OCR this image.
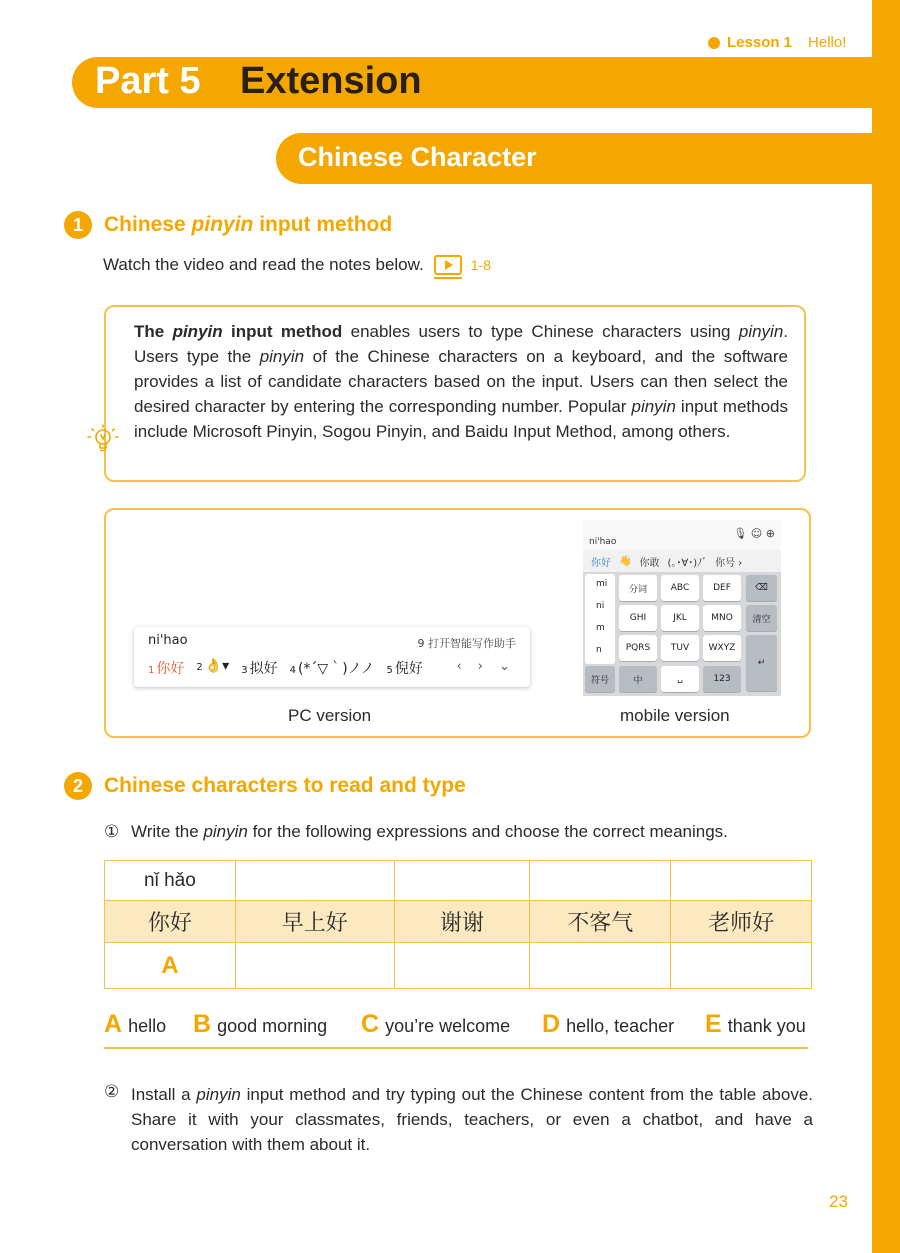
Lesson 1 Hello!
Part 5 Extension
Chinese Character
1	Chinese pinyin input method
Watch the video and read the notes below.	1-8

The pinyin input method enables users to type Chinese characters using pinyin. Users type the pinyin of the Chinese characters on a keyboard, and the software provides a list of candidate characters based on the input. Users can then select the desired character by entering the corresponding number. Popular pinyin input methods include Microsoft Pinyin, Sogou Pinyin, and Baidu Input Method, among others.

ni'hao	9 打开智能写作助手
1 你好 2 👌▾ 3 拟好 4 (*´▽｀)ノノ 5 倪好	‹ › ⌄
ni'hao
🎙 ☺ ⊕
你好 👋 你敢 (｡･∀･)ﾉﾞ 你号 ›
mi
ni
m
n
分词	ABC	DEF	⌫
GHI	JKL	MNO	清空
PQRS	TUV	WXYZ
↵
符号	中	␣	123
PC version	mobile version
2	Chinese characters to read and type
① Write the pinyin for the following expressions and choose the correct meanings.
nǐ hǎo				
你好	早上好	谢谢	不客气	老师好
A				
A hello B good morning C you’re welcome D hello, teacher E thank you
② Install a pinyin input method and try typing out the Chinese content from the table above. Share it with your classmates, friends, teachers, or even a chatbot, and have a conversation with them about it.
23
